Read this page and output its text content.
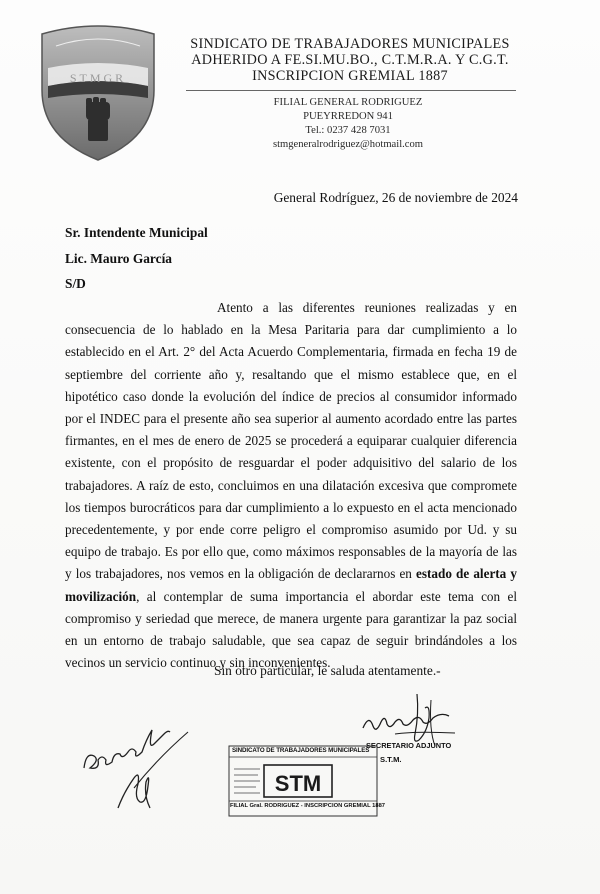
STMGR
SINDICATO DE TRABAJADORES MUNICIPALES
ADHERIDO A FE.SI.MU.BO., C.T.M.R.A. Y C.G.T.
INSCRIPCION GREMIAL 1887
FILIAL GENERAL RODRIGUEZ
PUEYRREDON 941
Tel.: 0237 428 7031
stmgeneralrodriguez@hotmail.com
General Rodríguez, 26 de noviembre de 2024
Sr. Intendente Municipal
Lic. Mauro García
S/D
Atento a las diferentes reuniones realizadas y en consecuencia de lo hablado en la Mesa Paritaria para dar cumplimiento a lo establecido en el Art. 2° del Acta Acuerdo Complementaria, firmada en fecha 19 de septiembre del corriente año y, resaltando que el mismo establece que, en el hipotético caso donde la evolución del índice de precios al consumidor informado por el INDEC para el presente año sea superior al aumento acordado entre las partes firmantes, en el mes de enero de 2025 se procederá a equiparar cualquier diferencia existente, con el propósito de resguardar el poder adquisitivo del salario de los trabajadores. A raíz de esto, concluimos en una dilatación excesiva que compromete los tiempos burocráticos para dar cumplimiento a lo expuesto en el acta mencionado precedentemente, y por ende corre peligro el compromiso asumido por Ud. y su equipo de trabajo. Es por ello que, como máximos responsables de la mayoría de las y los trabajadores, nos vemos en la obligación de declararnos en estado de alerta y movilización, al contemplar de suma importancia el abordar este tema con el compromiso y seriedad que merece, de manera urgente para garantizar la paz social en un entorno de trabajo saludable, que sea capaz de seguir brindándoles a los vecinos un servicio continuo y sin inconvenientes.
Sin otro particular, le saluda atentamente.-
SECRETARIO ADJUNTO
STM
SINDICATO DE TRABAJADORES MUNICIPALES
S.T.M.
FILIAL Gral. RODRIGUEZ - INSCRIPCION GREMIAL 1887
